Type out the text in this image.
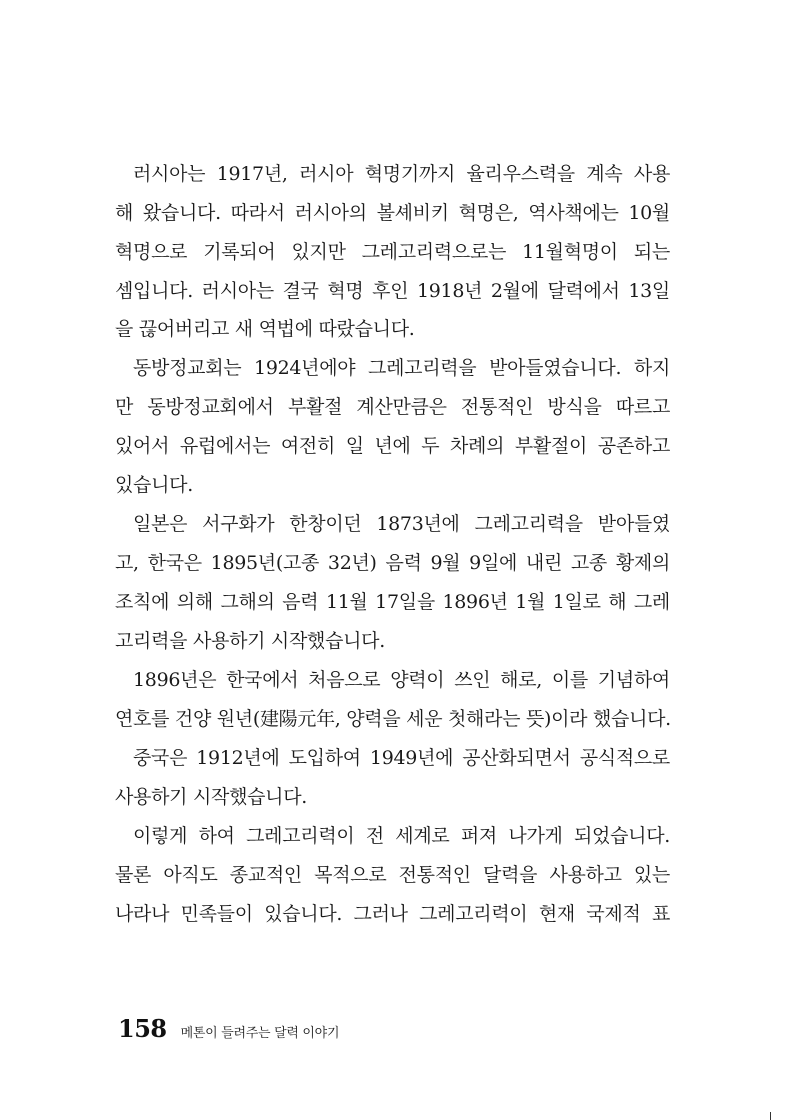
러시아는 1917년, 러시아 혁명기까지 율리우스력을 계속 사용
해 왔습니다. 따라서 러시아의 볼셰비키 혁명은, 역사책에는 10월
혁명으로 기록되어 있지만 그레고리력으로는 11월혁명이 되는
셈입니다. 러시아는 결국 혁명 후인 1918년 2월에 달력에서 13일
을 끊어버리고 새 역법에 따랐습니다.
동방정교회는 1924년에야 그레고리력을 받아들였습니다. 하지
만 동방정교회에서 부활절 계산만큼은 전통적인 방식을 따르고
있어서 유럽에서는 여전히 일 년에 두 차례의 부활절이 공존하고
있습니다.
일본은 서구화가 한창이던 1873년에 그레고리력을 받아들였
고, 한국은 1895년(고종 32년) 음력 9월 9일에 내린 고종 황제의
조칙에 의해 그해의 음력 11월 17일을 1896년 1월 1일로 해 그레
고리력을 사용하기 시작했습니다.
1896년은 한국에서 처음으로 양력이 쓰인 해로, 이를 기념하여
연호를 건양 원년(建陽元年, 양력을 세운 첫해라는 뜻)이라 했습니다.
중국은 1912년에 도입하여 1949년에 공산화되면서 공식적으로
사용하기 시작했습니다.
이렇게 하여 그레고리력이 전 세계로 퍼져 나가게 되었습니다.
물론 아직도 종교적인 목적으로 전통적인 달력을 사용하고 있는
나라나 민족들이 있습니다. 그러나 그레고리력이 현재 국제적 표
158 메톤이 들려주는 달력 이야기
